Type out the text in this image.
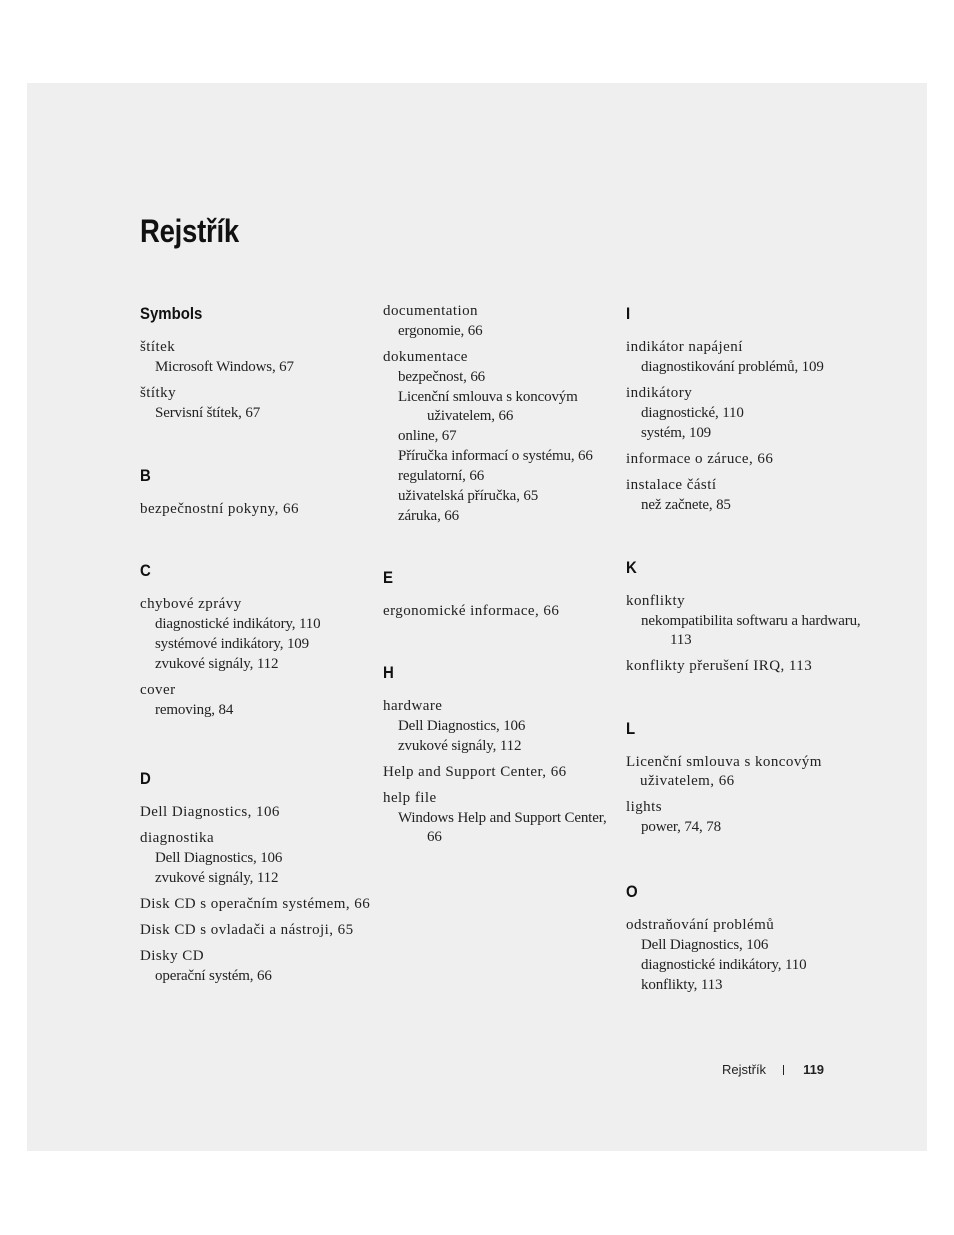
Rejstřík
Symbols
štítek
Microsoft Windows, 67
štítky
Servisní štítek, 67
B
bezpečnostní pokyny, 66
C
chybové zprávy
diagnostické indikátory, 110
systémové indikátory, 109
zvukové signály, 112
cover
removing, 84
D
Dell Diagnostics, 106
diagnostika
Dell Diagnostics, 106
zvukové signály, 112
Disk CD s operačním systémem, 66
Disk CD s ovladači a nástroji, 65
Disky CD
operační systém, 66
documentation
ergonomie, 66
dokumentace
bezpečnost, 66
Licenční smlouva s koncovým uživatelem, 66
online, 67
Příručka informací o systému, 66
regulatorní, 66
uživatelská příručka, 65
záruka, 66
E
ergonomické informace, 66
H
hardware
Dell Diagnostics, 106
zvukové signály, 112
Help and Support Center, 66
help file
Windows Help and Support Center, 66
I
indikátor napájení
diagnostikování problémů, 109
indikátory
diagnostické, 110
systém, 109
informace o záruce, 66
instalace částí
než začnete, 85
K
konflikty
nekompatibilita softwaru a hardwaru, 113
konflikty přerušení IRQ, 113
L
Licenční smlouva s koncovým uživatelem, 66
lights
power, 74, 78
O
odstraňování problémů
Dell Diagnostics, 106
diagnostické indikátory, 110
konflikty, 113
Rejstřík	119
